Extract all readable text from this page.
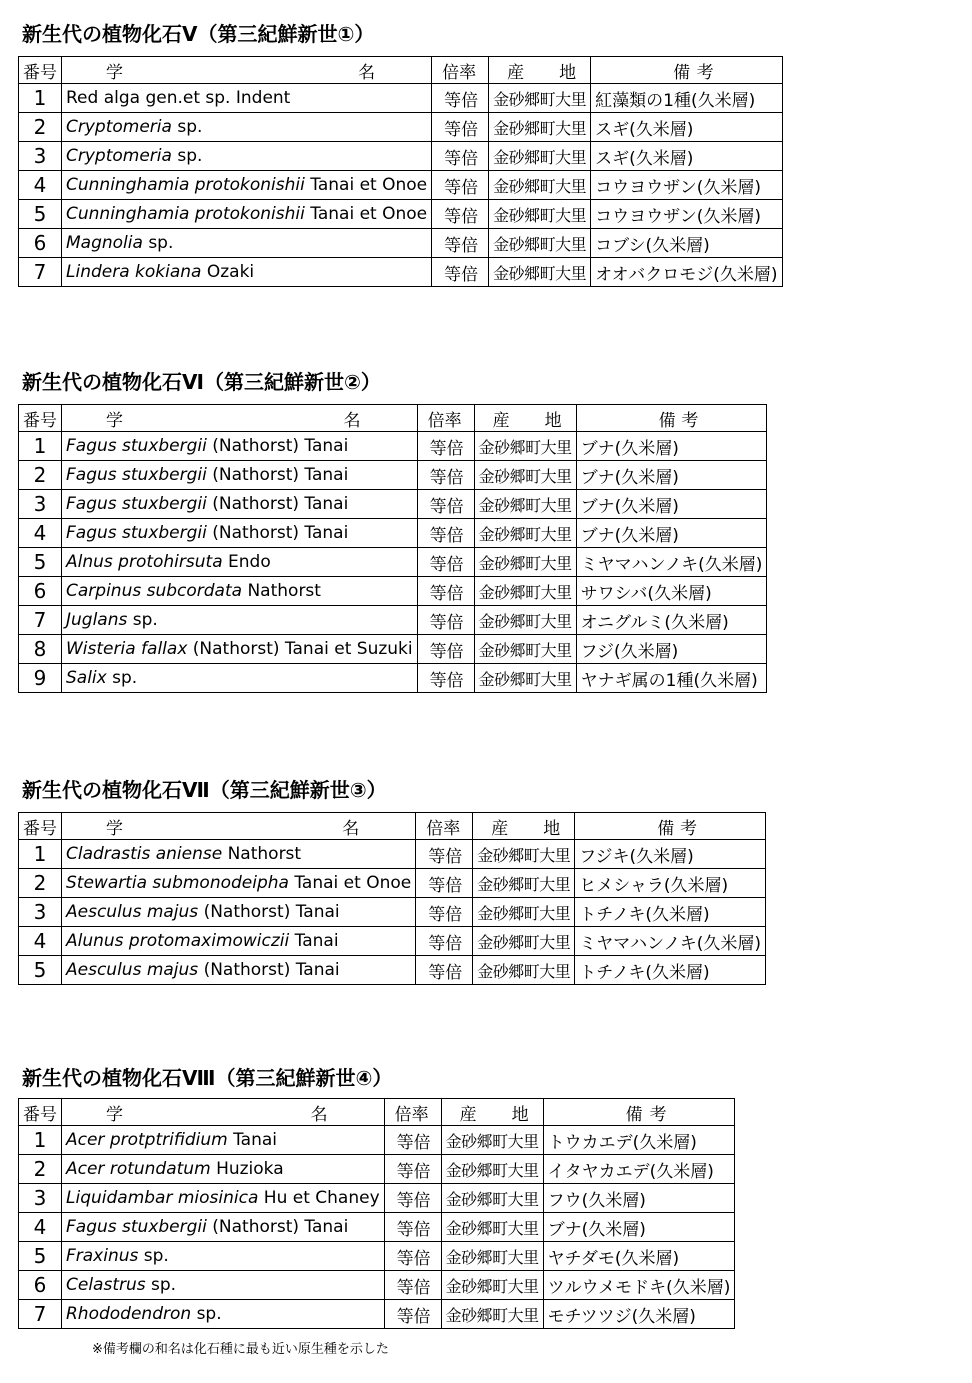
新生代の植物化石Ⅴ（第三紀鮮新世①）
番号	学 名	倍 率	産 地	備 考

1	Red alga gen.et sp. Indent	等 倍	金砂郷町大里	紅藻類の1種(久米層)
2	Cryptomeria sp.	等 倍	金砂郷町大里	スギ(久米層)
3	Cryptomeria sp.	等 倍	金砂郷町大里	スギ(久米層)
4	Cunninghamia protokonishii Tanai et Onoe	等 倍	金砂郷町大里	コウヨウザン(久米層)
5	Cunninghamia protokonishii Tanai et Onoe	等 倍	金砂郷町大里	コウヨウザン(久米層)
6	Magnolia sp.	等 倍	金砂郷町大里	コブシ(久米層)
7	Lindera kokiana Ozaki	等 倍	金砂郷町大里	オオバクロモジ(久米層)
新生代の植物化石Ⅵ（第三紀鮮新世②）
番号	学 名	倍 率	産 地	備 考

1	Fagus stuxbergii (Nathorst) Tanai	等 倍	金砂郷町大里	ブナ(久米層)
2	Fagus stuxbergii (Nathorst) Tanai	等 倍	金砂郷町大里	ブナ(久米層)
3	Fagus stuxbergii (Nathorst) Tanai	等 倍	金砂郷町大里	ブナ(久米層)
4	Fagus stuxbergii (Nathorst) Tanai	等 倍	金砂郷町大里	ブナ(久米層)
5	Alnus protohirsuta Endo	等 倍	金砂郷町大里	ミヤマハンノキ(久米層)
6	Carpinus subcordata Nathorst	等 倍	金砂郷町大里	サワシバ(久米層)
7	Juglans sp.	等 倍	金砂郷町大里	オニグルミ(久米層)
8	Wisteria fallax (Nathorst) Tanai et Suzuki	等 倍	金砂郷町大里	フジ(久米層)
9	Salix sp.	等 倍	金砂郷町大里	ヤナギ属の1種(久米層)
新生代の植物化石Ⅶ（第三紀鮮新世③）
番号	学 名	倍 率	産 地	備 考

1	Cladrastis aniense Nathorst	等 倍	金砂郷町大里	フジキ(久米層)
2	Stewartia submonodeipha Tanai et Onoe	等 倍	金砂郷町大里	ヒメシャラ(久米層)
3	Aesculus majus (Nathorst) Tanai	等 倍	金砂郷町大里	トチノキ(久米層)
4	Alunus protomaximowiczii Tanai	等 倍	金砂郷町大里	ミヤマハンノキ(久米層)
5	Aesculus majus (Nathorst) Tanai	等 倍	金砂郷町大里	トチノキ(久米層)
新生代の植物化石Ⅷ（第三紀鮮新世④）
番号	学 名	倍 率	産 地	備 考

1	Acer protptrifidium Tanai	等 倍	金砂郷町大里	トウカエデ(久米層)
2	Acer rotundatum Huzioka	等 倍	金砂郷町大里	イタヤカエデ(久米層)
3	Liquidambar miosinica Hu et Chaney	等 倍	金砂郷町大里	フウ(久米層)
4	Fagus stuxbergii (Nathorst) Tanai	等 倍	金砂郷町大里	ブナ(久米層)
5	Fraxinus sp.	等 倍	金砂郷町大里	ヤチダモ(久米層)
6	Celastrus sp.	等 倍	金砂郷町大里	ツルウメモドキ(久米層)
7	Rhododendron sp.	等 倍	金砂郷町大里	モチツツジ(久米層)
※備考欄の和名は化石種に最も近い原生種を示した
